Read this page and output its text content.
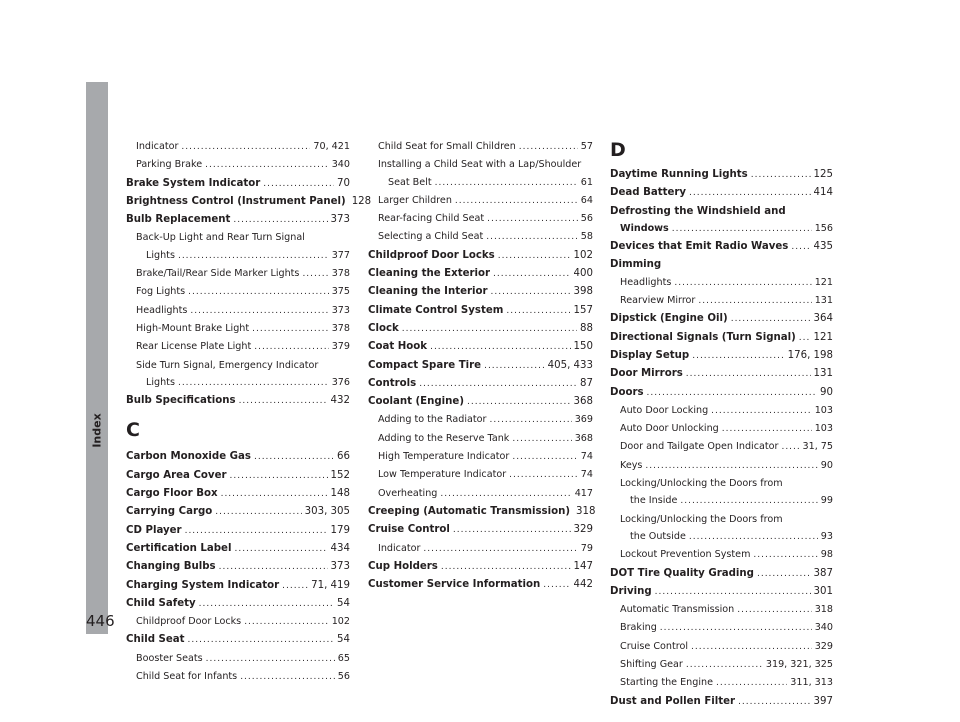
Index
446
Indicator .....	70, 421
Parking Brake .....	340
Brake System Indicator .....	70
Brightness Control (Instrument Panel) 128
Bulb Replacement .....	373
Back-Up Light and Rear Turn Signal
Lights .....	377
Brake/Tail/Rear Side Marker Lights .....	378
Fog Lights .....	375
Headlights .....	373
High-Mount Brake Light .....	378
Rear License Plate Light .....	379
Side Turn Signal, Emergency Indicator
Lights .....	376
Bulb Specifications .....	432
C
Carbon Monoxide Gas .....	66
Cargo Area Cover .....	152
Cargo Floor Box .....	148
Carrying Cargo .....	303, 305
CD Player .....	179
Certification Label .....	434
Changing Bulbs .....	373
Charging System Indicator .....	71, 419
Child Safety .....	54
Childproof Door Locks .....	102
Child Seat .....	54
Booster Seats .....	65
Child Seat for Infants .....	56
Child Seat for Small Children .....	57
Installing a Child Seat with a Lap/Shoulder
Seat Belt .....	61
Larger Children .....	64
Rear-facing Child Seat .....	56
Selecting a Child Seat .....	58
Childproof Door Locks .....	102
Cleaning the Exterior .....	400
Cleaning the Interior .....	398
Climate Control System .....	157
Clock .....	88
Coat Hook .....	150
Compact Spare Tire .....	405, 433
Controls .....	87
Coolant (Engine) .....	368
Adding to the Radiator .....	369
Adding to the Reserve Tank .....	368
High Temperature Indicator .....	74
Low Temperature Indicator .....	74
Overheating .....	417
Creeping (Automatic Transmission) 318
Cruise Control .....	329
Indicator .....	79
Cup Holders .....	147
Customer Service Information .....	442
D
Daytime Running Lights .....	125
Dead Battery .....	414
Defrosting the Windshield and
Windows .....	156
Devices that Emit Radio Waves ..... 435
Dimming
Headlights .....	121
Rearview Mirror .....	131
Dipstick (Engine Oil) .....	364
Directional Signals (Turn Signal) ..... 121
Display Setup .....	176, 198
Door Mirrors .....	131
Doors .....	90
Auto Door Locking .....	103
Auto Door Unlocking .....	103
Door and Tailgate Open Indicator .....	31, 75
Keys .....	90
Locking/Unlocking the Doors from
the Inside .....	99
Locking/Unlocking the Doors from
the Outside .....	93
Lockout Prevention System .....	98
DOT Tire Quality Grading .....	387
Driving .....	301
Automatic Transmission .....	318
Braking .....	340
Cruise Control .....	329
Shifting Gear .....	319, 321, 325
Starting the Engine .....	311, 313
Dust and Pollen Filter .....	397
